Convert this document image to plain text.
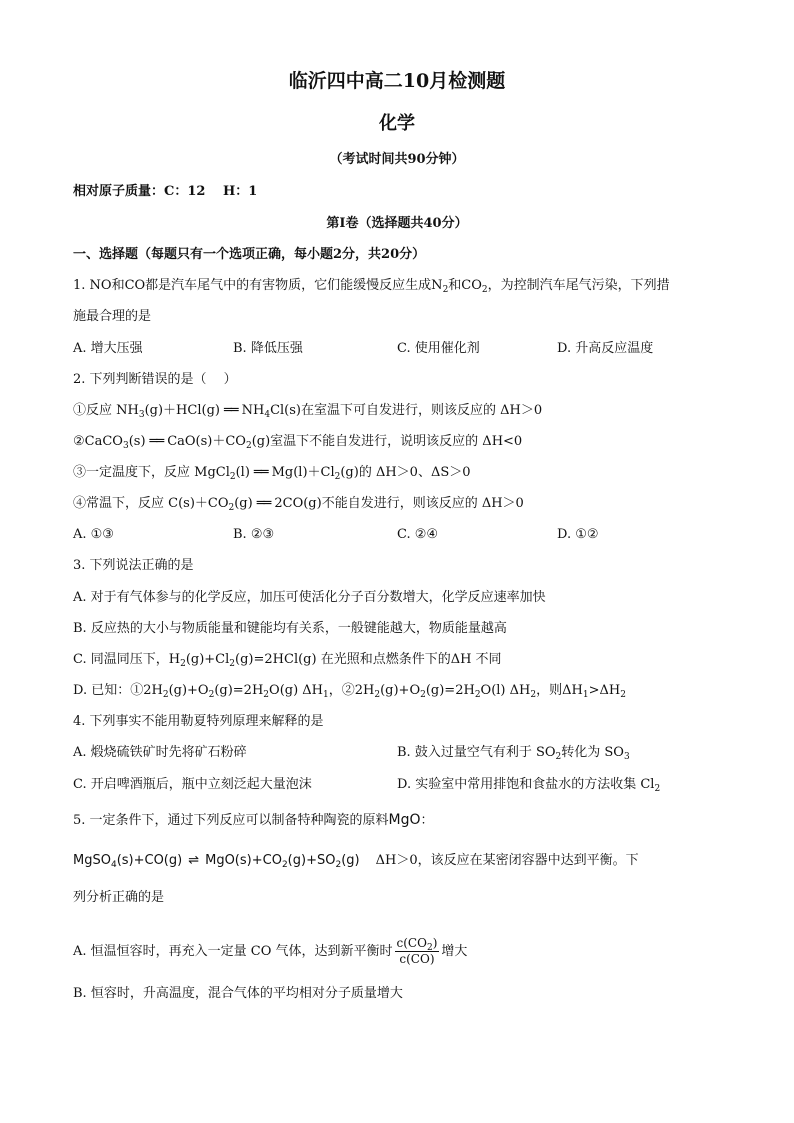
临沂四中高二10月检测题
化学
（考试时间共90分钟）
相对原子质量：C：12　 H：1
第I卷（选择题共40分）
一、选择题（每题只有一个选项正确，每小题2分，共20分）
1. NO和CO都是汽车尾气中的有害物质，它们能缓慢反应生成$N_2$和$CO_2$，为控制汽车尾气污染，下列措
施最合理的是
A. 增大压强	B. 降低压强	C. 使用催化剂	D. 升高反应温度
2. 下列判断错误的是（　 ）
①反应 $NH_3(g)+HCl(g)$ ══ $NH_4Cl(s)$在室温下可自发进行，则该反应的 ΔH＞0
②CaCO$_3$(s) ══ $CaO(s)+CO_2(g)$室温下不能自发进行，说明该反应的 ΔH<0
③一定温度下，反应 MgCl$_2$(l) ══ $Mg(l)+Cl_2(g)$的 ΔH＞0、ΔS＞0
④常温下，反应 $C(s)+CO_2(g)$ ══ 2CO(g)不能自发进行，则该反应的 ΔH＞0
A. ①③	B. ②③	C. ②④	D. ①②
3. 下列说法正确的是
A. 对于有气体参与的化学反应，加压可使活化分子百分数增大，化学反应速率加快
B. 反应热的大小与物质能量和键能均有关系，一般键能越大，物质能量越高
C. 同温同压下，$H_2(g)+Cl_2(g)=2HCl(g)$ 在光照和点燃条件下的ΔH 不同
D. 已知：$①2H_2(g)+O_2(g)=2H_2O(g)$ $\Delta H_1$，$②2H_2(g)+O_2(g)=2H_2O(l)$ $\Delta H_2$，则$\Delta H_1>\Delta H_2$
4. 下列事实不能用勒夏特列原理来解释的是
A. 煅烧硫铁矿时先将矿石粉碎	B. 鼓入过量空气有利于 $SO_2$转化为 $SO_3$
C. 开启啤酒瓶后，瓶中立刻泛起大量泡沫	D. 实验室中常用排饱和食盐水的方法收集 $Cl_2$
5. 一定条件下，通过下列反应可以制备特种陶瓷的原料MgO：
MgSO$_4$(s)+CO(g) ⇌ $MgO(s)+CO_2(g)+SO_2(g)$ ΔH＞0，该反应在某密闭容器中达到平衡。下
列分析正确的是
A. 恒温恒容时，再充入一定量 CO 气体，达到新平衡时 $\frac{c(CO_2)}{c(CO)}$ 增大
B. 恒容时，升高温度，混合气体的平均相对分子质量增大
